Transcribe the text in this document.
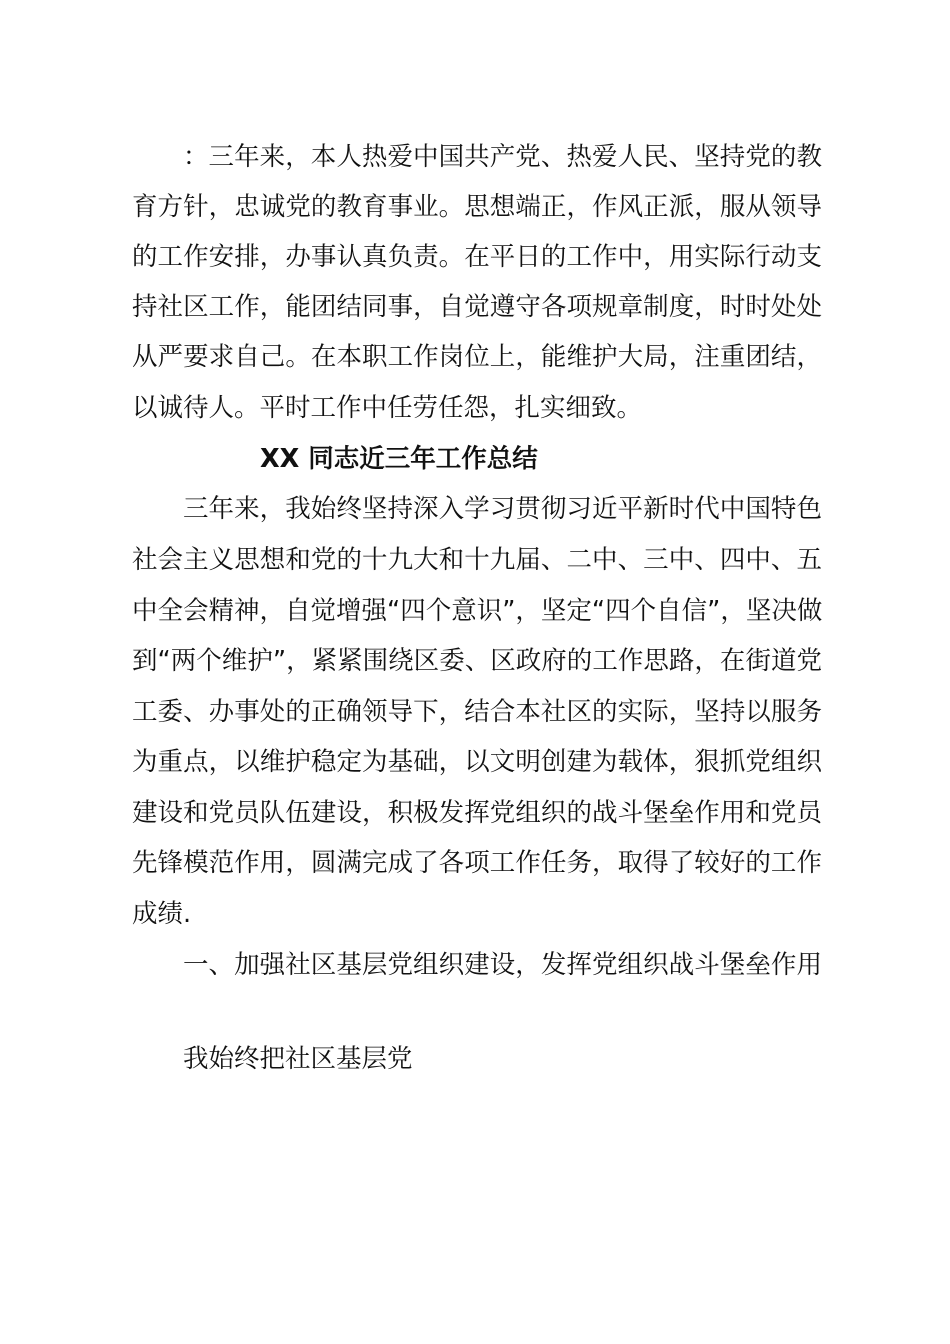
：三年来，本人热爱中国共产党、热爱人民、坚持党的教
育方针，忠诚党的教育事业。思想端正，作风正派，服从领导
的工作安排，办事认真负责。在平日的工作中，用实际行动支
持社区工作，能团结同事，自觉遵守各项规章制度，时时处处
从严要求自己。在本职工作岗位上，能维护大局，注重团结，
以诚待人。平时工作中任劳任怨，扎实细致。
XX 同志近三年工作总结
三年来，我始终坚持深入学习贯彻习近平新时代中国特色
社会主义思想和党的十九大和十九届、二中、三中、四中、五
中全会精神，自觉增强“四个意识”，坚定“四个自信”，坚决做
到“两个维护”，紧紧围绕区委、区政府的工作思路，在街道党
工委、办事处的正确领导下，结合本社区的实际，坚持以服务
为重点，以维护稳定为基础，以文明创建为载体，狠抓党组织
建设和党员队伍建设，积极发挥党组织的战斗堡垒作用和党员
先锋模范作用，圆满完成了各项工作任务，取得了较好的工作
成绩.
一、加强社区基层党组织建设，发挥党组织战斗堡垒作用
我始终把社区基层党
